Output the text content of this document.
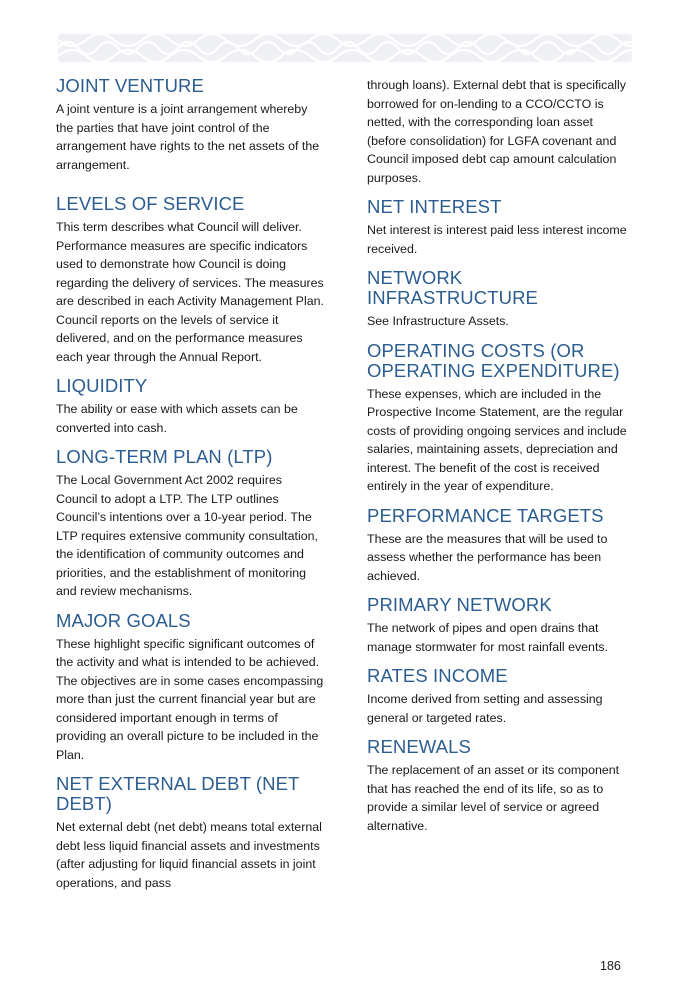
JOINT VENTURE

A joint venture is a joint arrangement whereby the parties that have joint control of the arrangement have rights to the net assets of the arrangement.

LEVELS OF SERVICE

This term describes what Council will deliver. Performance measures are specific indicators used to demonstrate how Council is doing regarding the delivery of services. The measures are described in each Activity Management Plan. Council reports on the levels of service it delivered, and on the performance measures each year through the Annual Report.

LIQUIDITY

The ability or ease with which assets can be converted into cash.

LONG-TERM PLAN (LTP)

The Local Government Act 2002 requires Council to adopt a LTP. The LTP outlines Council’s intentions over a 10-year period. The LTP requires extensive community consultation, the identification of community outcomes and priorities, and the establishment of monitoring and review mechanisms.

MAJOR GOALS

These highlight specific significant outcomes of the activity and what is intended to be achieved. The objectives are in some cases encompassing more than just the current financial year but are considered important enough in terms of providing an overall picture to be included in the Plan.

NET EXTERNAL DEBT (NET DEBT)

Net external debt (net debt) means total external debt less liquid financial assets and investments (after adjusting for liquid financial assets in joint operations, and pass

through loans). External debt that is specifically borrowed for on-lending to a CCO/CCTO is netted, with the corresponding loan asset (before consolidation) for LGFA covenant and Council imposed debt cap amount calculation purposes.

NET INTEREST

Net interest is interest paid less interest income received.

NETWORK INFRASTRUCTURE

See Infrastructure Assets.

OPERATING COSTS (OR OPERATING EXPENDITURE)

These expenses, which are included in the Prospective Income Statement, are the regular costs of providing ongoing services and include salaries, maintaining assets, depreciation and interest. The benefit of the cost is received entirely in the year of expenditure.

PERFORMANCE TARGETS

These are the measures that will be used to assess whether the performance has been achieved.

PRIMARY NETWORK

The network of pipes and open drains that manage stormwater for most rainfall events.

RATES INCOME

Income derived from setting and assessing general or targeted rates.

RENEWALS

The replacement of an asset or its component that has reached the end of its life, so as to provide a similar level of service or agreed alternative.

186
